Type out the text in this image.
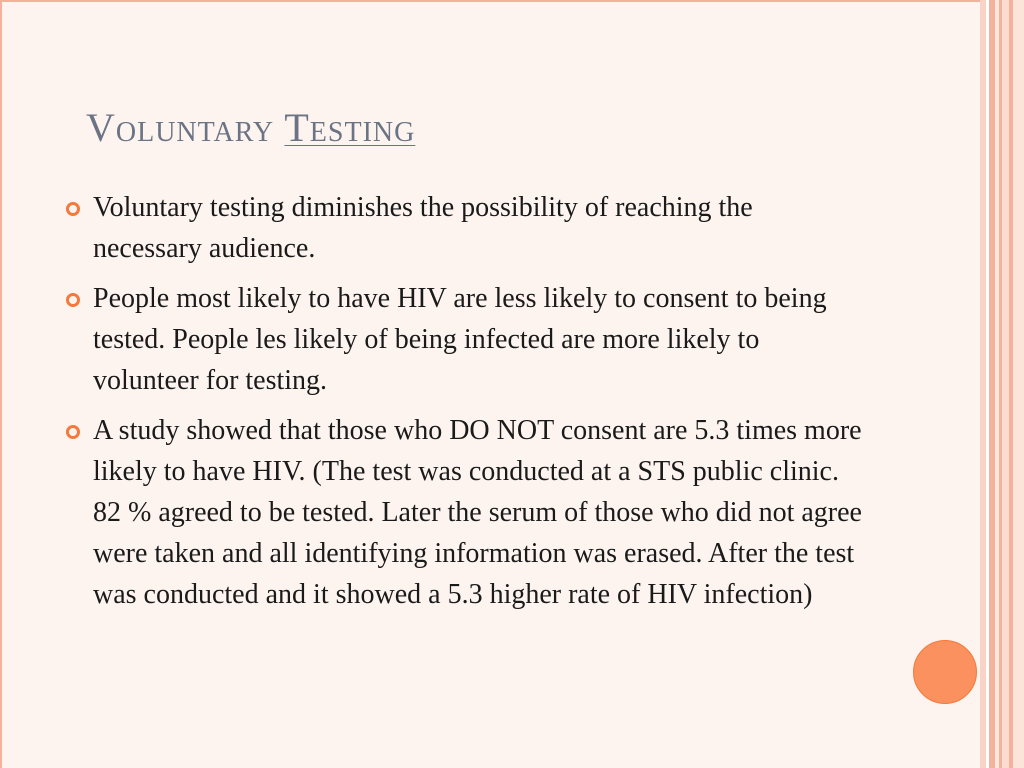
Voluntary Testing
Voluntary testing diminishes the possibility of reaching the necessary audience.
People most likely to have HIV are less likely to consent to being tested. People les likely of being infected are more likely to volunteer for testing.
A study showed that those who DO NOT consent are 5.3 times more likely to have HIV. (The test was conducted at a STS public clinic. 82 % agreed to be tested. Later the serum of those who did not agree were taken and all identifying information was erased. After the test was conducted and it showed a 5.3 higher rate of HIV infection)
